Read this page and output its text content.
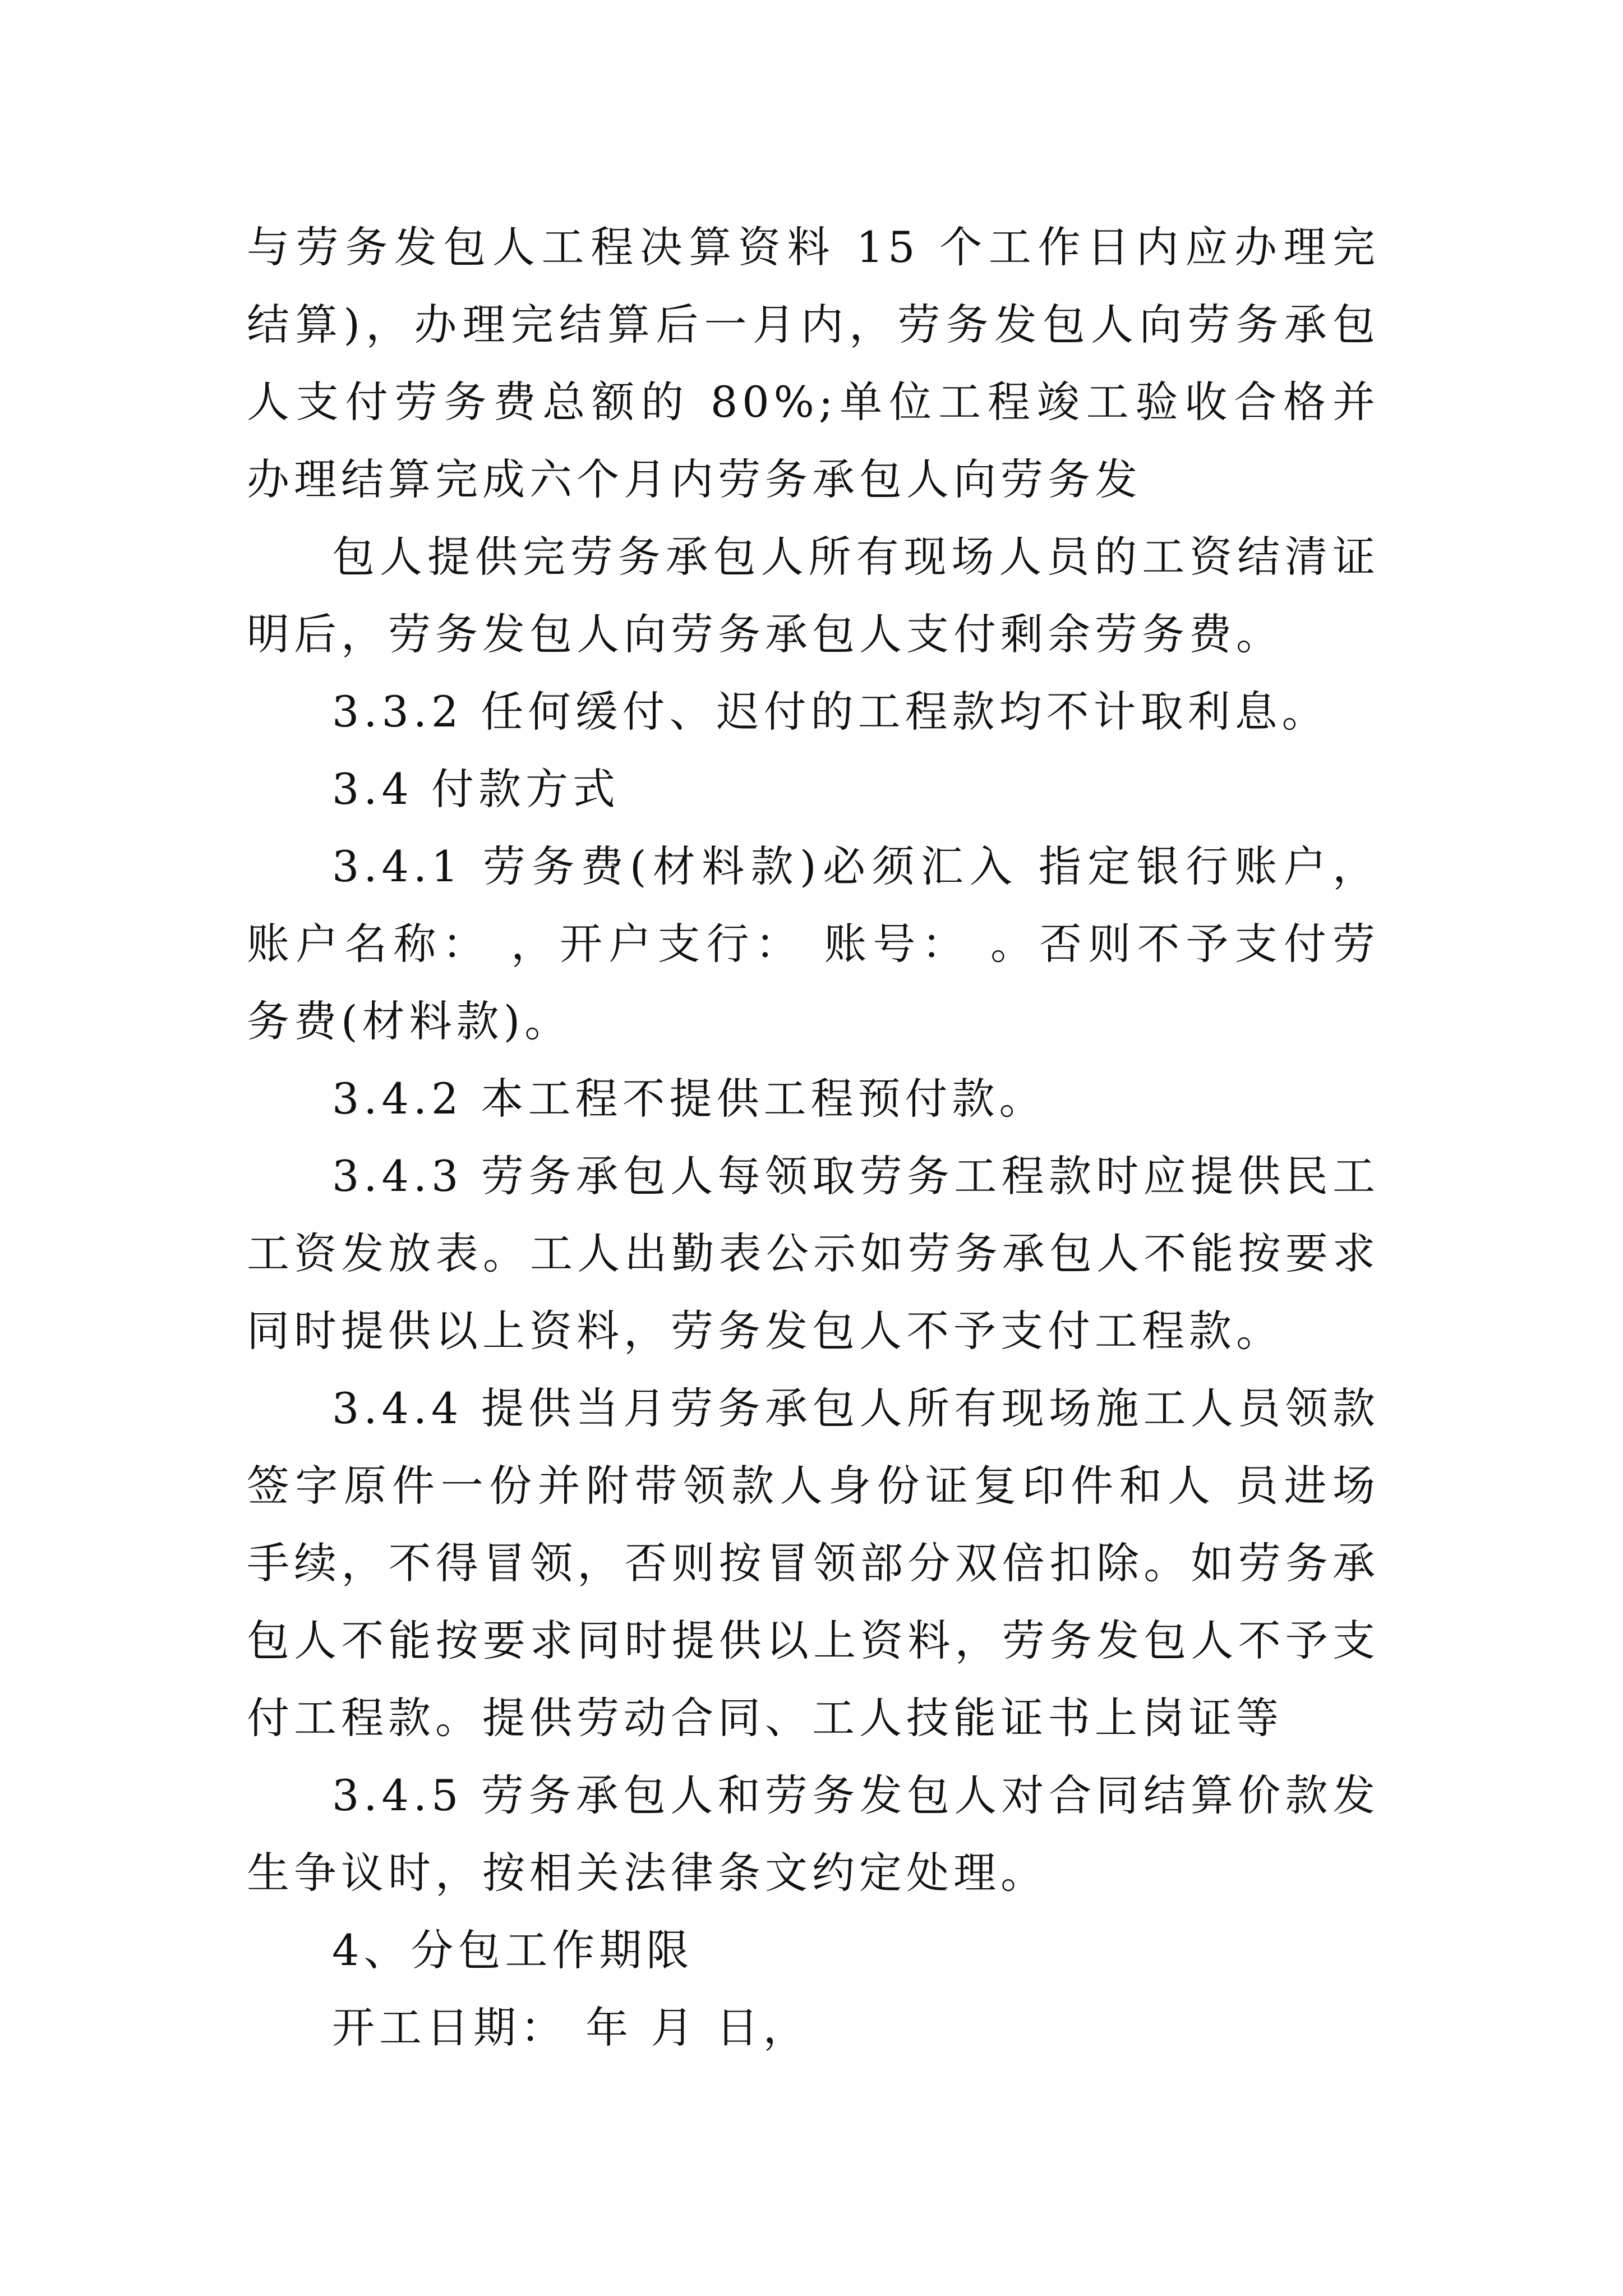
与劳务发包人工程决算资料 15 个工作日内应办理完结算)，办理完结算后一月内，劳务发包人向劳务承包人支付劳务费总额的 80%;单位工程竣工验收合格并办理结算完成六个月内劳务承包人向劳务发

包人提供完劳务承包人所有现场人员的工资结清证明后，劳务发包人向劳务承包人支付剩余劳务费。

3.3.2 任何缓付、迟付的工程款均不计取利息。

3.4 付款方式

3.4.1 劳务费(材料款)必须汇入 指定银行账户，账户名称： ，开户支行： 账号： 。否则不予支付劳务费(材料款)。

3.4.2 本工程不提供工程预付款。

3.4.3 劳务承包人每领取劳务工程款时应提供民工工资发放表。工人出勤表公示如劳务承包人不能按要求同时提供以上资料，劳务发包人不予支付工程款。

3.4.4 提供当月劳务承包人所有现场施工人员领款签字原件一份并附带领款人身份证复印件和人 员进场手续，不得冒领，否则按冒领部分双倍扣除。如劳务承包人不能按要求同时提供以上资料，劳务发包人不予支付工程款。提供劳动合同、工人技能证书上岗证等

3.4.5 劳务承包人和劳务发包人对合同结算价款发生争议时，按相关法律条文约定处理。

4、分包工作期限

开工日期： 年 月 日，
